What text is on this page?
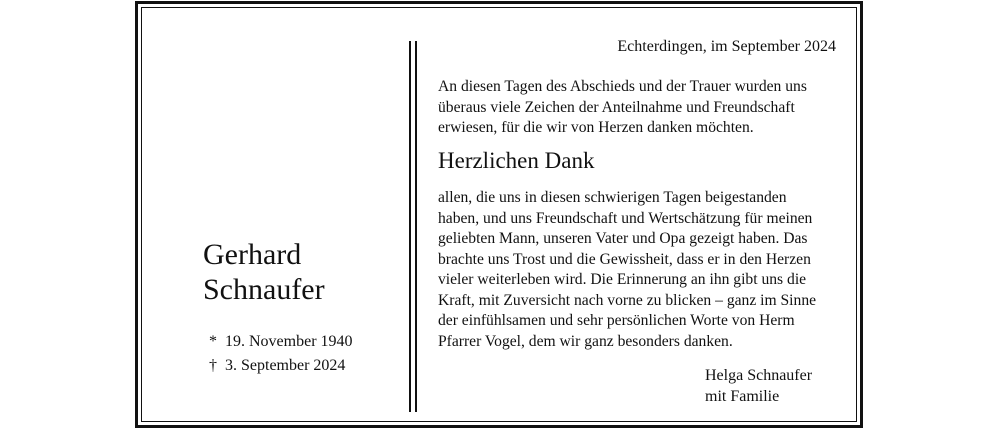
Gerhard
Schnaufer
* 19. November 1940
† 3. September 2024
Echterdingen, im September 2024
An diesen Tagen des Abschieds und der Trauer wurden uns
überaus viele Zeichen der Anteilnahme und Freundschaft
erwiesen, für die wir von Herzen danken möchten.
Herzlichen Dank
allen, die uns in diesen schwierigen Tagen beigestanden
haben, und uns Freundschaft und Wertschätzung für meinen
geliebten Mann, unseren Vater und Opa gezeigt haben. Das
brachte uns Trost und die Gewissheit, dass er in den Herzen
vieler weiterleben wird. Die Erinnerung an ihn gibt uns die
Kraft, mit Zuversicht nach vorne zu blicken – ganz im Sinne
der einfühlsamen und sehr persönlichen Worte von Herm
Pfarrer Vogel, dem wir ganz besonders danken.
Helga Schnaufer
mit Familie
